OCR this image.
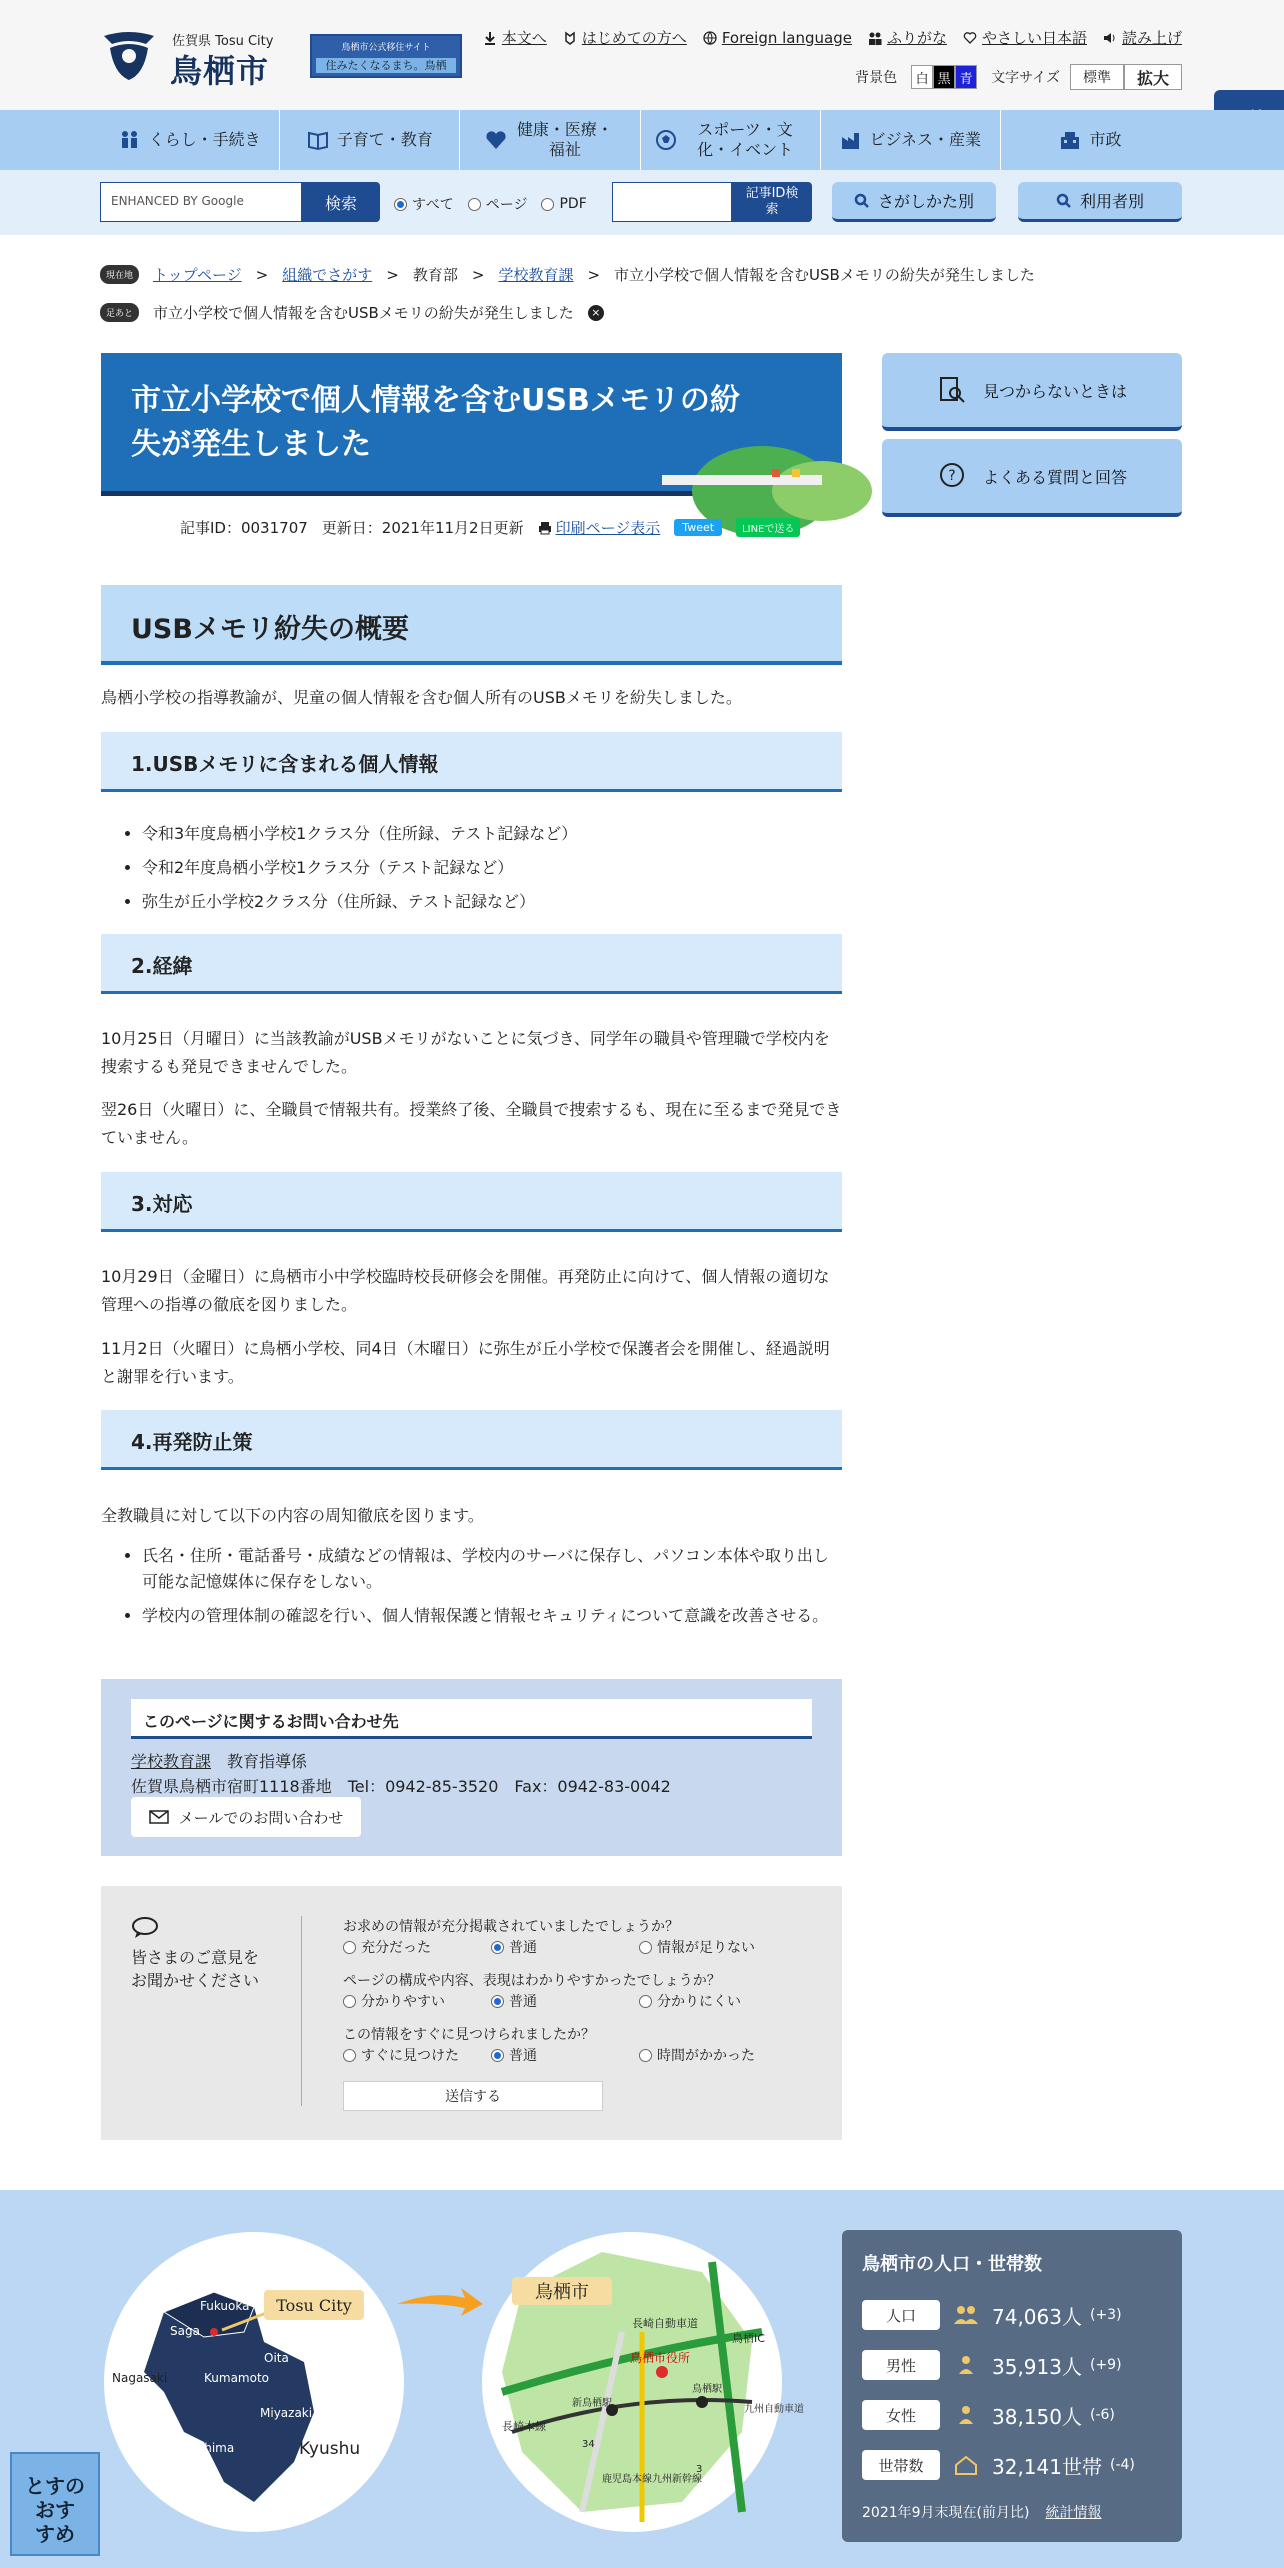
佐賀県 Tosu City
鳥栖市
鳥栖市公式移住サイト
住みたくなるまち。鳥栖
本文へ はじめての方へ Foreign language ふりがな やさしい日本語 読み上げ
背景色	白 黒 青	文字サイズ	標準	拡大
くらし・手続き	子育て・教育
健康・医療・福祉
スポーツ・文化・イベント
ビジネス・産業	市政
ENHANCED BY Google	検索	すべて ページ PDF
記事ID検索	さがしかた別	利用者別
現在地	トップページ > 組織でさがす > 教育部 > 学校教育課 > 市立小学校で個人情報を含むUSBメモリの紛失が発生しました
足あと	市立小学校で個人情報を含むUSBメモリの紛失が発生しました	×
市立小学校で個人情報を含むUSBメモリの紛失が発生しました
記事ID：0031707 更新日：2021年11月2日更新 印刷ページ表示	Tweet	LINEで送る
見つからないときは
? よくある質問と回答
USBメモリ紛失の概要
鳥栖小学校の指導教諭が、児童の個人情報を含む個人所有のUSBメモリを紛失しました。
1.USBメモリに含まれる個人情報
• 令和3年度鳥栖小学校1クラス分（住所録、テスト記録など）
• 令和2年度鳥栖小学校1クラス分（テスト記録など）
• 弥生が丘小学校2クラス分（住所録、テスト記録など）
2.経緯
10月25日（月曜日）に当該教諭がUSBメモリがないことに気づき、同学年の職員や管理職で学校内を捜索するも発見できませんでした。
翌26日（火曜日）に、全職員で情報共有。授業終了後、全職員で捜索するも、現在に至るまで発見できていません。
3.対応
10月29日（金曜日）に鳥栖市小中学校臨時校長研修会を開催。再発防止に向けて、個人情報の適切な管理への指導の徹底を図りました。
11月2日（火曜日）に鳥栖小学校、同4日（木曜日）に弥生が丘小学校で保護者会を開催し、経過説明と謝罪を行います。
4.再発防止策
全教職員に対して以下の内容の周知徹底を図ります。
• 氏名・住所・電話番号・成績などの情報は、学校内のサーバに保存し、パソコン本体や取り出し可能な記憶媒体に保存をしない。
• 学校内の管理体制の確認を行い、個人情報保護と情報セキュリティについて意識を改善させる。
このページに関するお問い合わせ先
学校教育課　 教育指導係
佐賀県鳥栖市宿町1118番地　Tel：0942-85-3520　Fax：0942-83-0042
メールでのお問い合わせ
皆さまのご意見を
お聞かせください
お求めの情報が充分掲載されていましたでしょうか？
充分だった	普通	情報が足りない
ページの構成や内容、表現はわかりやすかったでしょうか？
分かりやすい	普通	分かりにくい
この情報をすぐに見つけられましたか？
すぐに見つけた	普通	時間がかかった
送信する
Fukuoka
Saga
Oita
Nagasaki	Kumamoto
Miyazaki
Kagoshima
Tosu City
Kyushu
鳥栖市
長崎自動車道
鳥栖IC
鳥栖市役所
新鳥栖駅
鳥栖駅
長崎本線
九州自動車道
鹿児島本線 九州新幹線
34
3
鳥栖市の人口・世帯数
人口	74,063人 (+3)
男性	35,913人 (+9)
女性	38,150人 (-6)
世帯数	32,141世帯 (-4)
2021年9月末現在(前月比) 統計情報
とすのおすすめ
